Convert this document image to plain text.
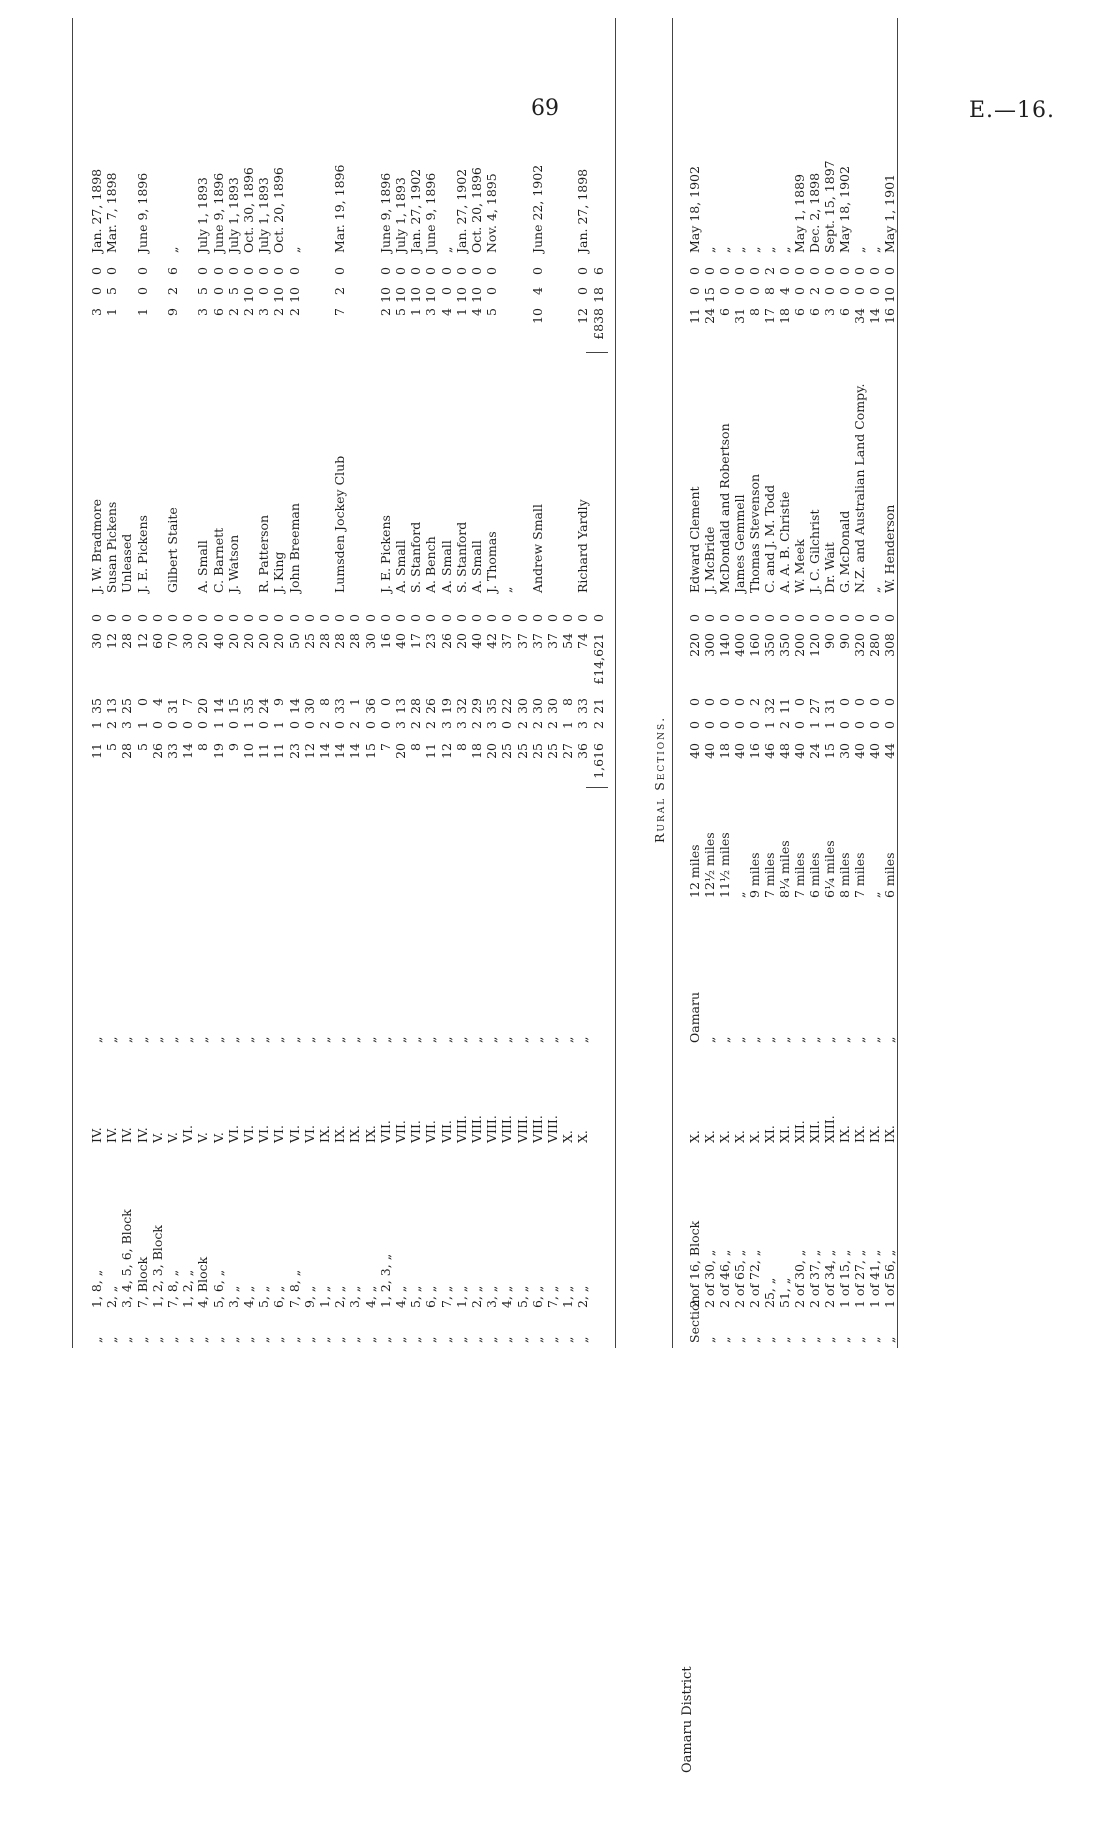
69	E.—16.
Oamaru District
Rural Sections.
1,616
2
21
£14,621
0
£838
18
6
„
1, 8, „
IV.
„
11
1
35
30
0
J. W. Bradmore
3
0
0
Jan. 27, 1898
„
2, „
IV.
„
5
2
13
12
0
Susan Pickens
1
5
0
Mar. 7, 1898
„
3, 4, 5, 6, Block
IV.
„
28
3
25
28
0
Unleased
„
7, Block
IV.
„
5
1
0
12
0
J. E. Pickens
1
0
0
June 9, 1896
„
1, 2, 3, Block
V.
„
26
0
4
60
0
„
7, 8, „
V.
„
33
0
31
70
0
Gilbert Staite
9
2
6
„
„
1, 2, „
VI.
„
14
0
7
30
0
„
4, Block
V.
„
8
0
20
20
0
A. Small
3
5
0
July 1, 1893
„
5, 6, „
V.
„
19
1
14
40
0
C. Barnett
6
0
0
June 9, 1896
„
3, „
VI.
„
9
0
15
20
0
J. Watson
2
5
0
July 1, 1893
„
4, „
VI.
„
10
1
35
20
0
2
10
0
Oct. 30, 1896
„
5, „
VI.
„
11
0
24
20
0
R. Patterson
3
0
0
July 1, 1893
„
6, „
VI.
„
11
1
9
20
0
J. King
2
10
0
Oct. 20, 1896
„
7, 8, „
VI.
„
23
0
14
50
0
John Breeman
2
10
0
„
„
9, „
VI.
„
12
0
30
25
0
„
1, „
IX.
„
14
2
8
28
0
„
2, „
IX.
„
14
0
33
28
0
Lumsden Jockey Club
7
2
0
Mar. 19, 1896
„
3, „
IX.
„
14
2
1
28
0
„
4, „
IX.
„
15
0
36
30
0
„
1, 2, 3, „
VII.
„
7
0
0
16
0
J. E. Pickens
2
10
0
June 9, 1896
„
4, „
VII.
„
20
3
13
40
0
A. Small
5
10
0
July 1, 1893
„
5, „
VII.
„
8
2
28
17
0
S. Stanford
1
10
0
Jan. 27, 1902
„
6, „
VII.
„
11
2
26
23
0
A. Bench
3
10
0
June 9, 1896
„
7, „
VII.
„
12
3
19
26
0
A. Small
4
0
0
„
„
1, „
VIII.
„
8
3
32
20
0
S. Stanford
1
10
0
Jan. 27, 1902
„
2, „
VIII.
„
18
2
29
40
0
A. Small
4
10
0
Oct. 20, 1896
„
3, „
VIII.
„
20
3
35
42
0
J. Thomas
5
0
0
Nov. 4, 1895
„
4, „
VIII.
„
25
0
22
37
0
„
„
5, „
VIII.
„
25
2
30
37
0
„
6, „
VIII.
„
25
2
30
37
0
Andrew Small
10
4
0
June 22, 1902
„
7, „
VIII.
„
25
2
30
37
0
„
1, „
X.
„
27
1
8
54
0
„
2, „
X.
„
36
3
33
74
0
Richard Yardly
12
0
0
Jan. 27, 1898
Section
2 of 16, Block
X.
Oamaru
12 miles
40
0
0
220
0
Edward Clement
11
0
0
May 18, 1902
„
2 of 30, „
X.
„
12½ miles
40
0
0
300
0
J. McBride
24
15
0
„
„
2 of 46, „
X.
„
11½ miles
18
0
0
140
0
McDondald and Robertson
6
0
0
„
„
2 of 65, „
X.
„
„
40
0
0
400
0
James Gemmell
31
0
0
„
„
2 of 72, „
X.
„
9 miles
16
0
2
160
0
Thomas Stevenson
8
0
0
„
„
25, „
XI.
„
7 miles
46
1
32
350
0
C. and J. M. Todd
17
8
2
„
„
51, „
XI.
„
8¼ miles
48
2
11
350
0
A. A. B. Christie
18
4
0
„
„
2 of 30, „
XII.
„
7 miles
40
0
0
200
0
W. Meek
6
0
0
May 1, 1889
„
2 of 37, „
XII.
„
6 miles
24
1
27
120
0
J. C. Gilchrist
6
2
0
Dec. 2, 1898
„
2 of 34, „
XIII.
„
6¼ miles
15
1
31
90
0
Dr. Wait
3
0
0
Sept. 15, 1897
„
1 of 15, „
IX.
„
8 miles
30
0
0
90
0
G. McDonald
6
0
0
May 18, 1902
„
1 of 27, „
IX.
„
7 miles
40
0
0
320
0
N.Z. and Australian Land Compy.
34
0
0
„
„
1 of 41, „
IX.
„
„
40
0
0
280
0
„
14
0
0
„
„
1 of 56, „
IX.
„
6 miles
44
0
0
308
0
W. Henderson
16
10
0
May 1, 1901
